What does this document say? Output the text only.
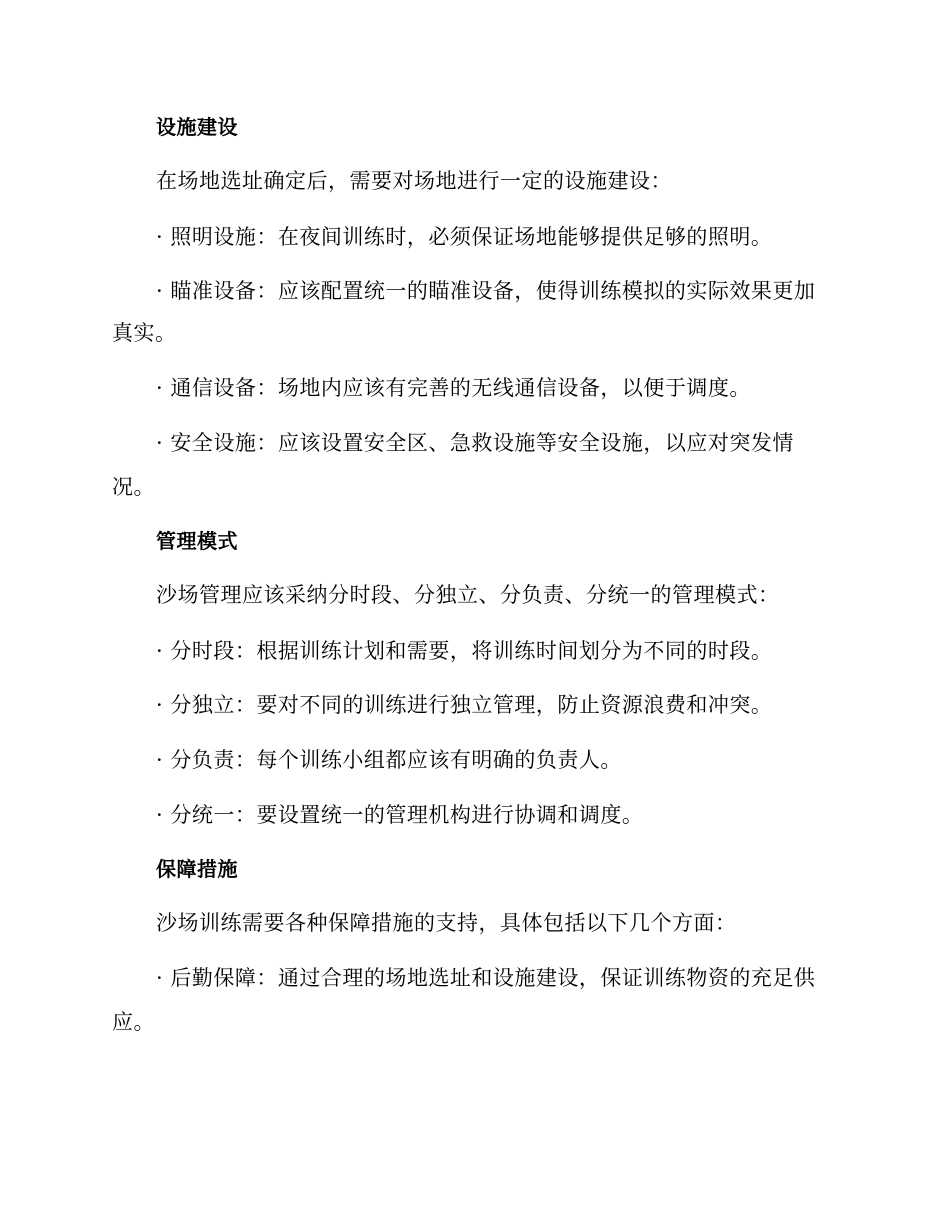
设施建设
在场地选址确定后，需要对场地进行一定的设施建设：
· 照明设施：在夜间训练时，必须保证场地能够提供足够的照明。
· 瞄准设备：应该配置统一的瞄准设备，使得训练模拟的实际效果更加
真实。
· 通信设备：场地内应该有完善的无线通信设备，以便于调度。
· 安全设施：应该设置安全区、急救设施等安全设施，以应对突发情
况。
管理模式
沙场管理应该采纳分时段、分独立、分负责、分统一的管理模式：
· 分时段：根据训练计划和需要，将训练时间划分为不同的时段。
· 分独立：要对不同的训练进行独立管理，防止资源浪费和冲突。
· 分负责：每个训练小组都应该有明确的负责人。
· 分统一：要设置统一的管理机构进行协调和调度。
保障措施
沙场训练需要各种保障措施的支持，具体包括以下几个方面：
· 后勤保障：通过合理的场地选址和设施建设，保证训练物资的充足供
应。
